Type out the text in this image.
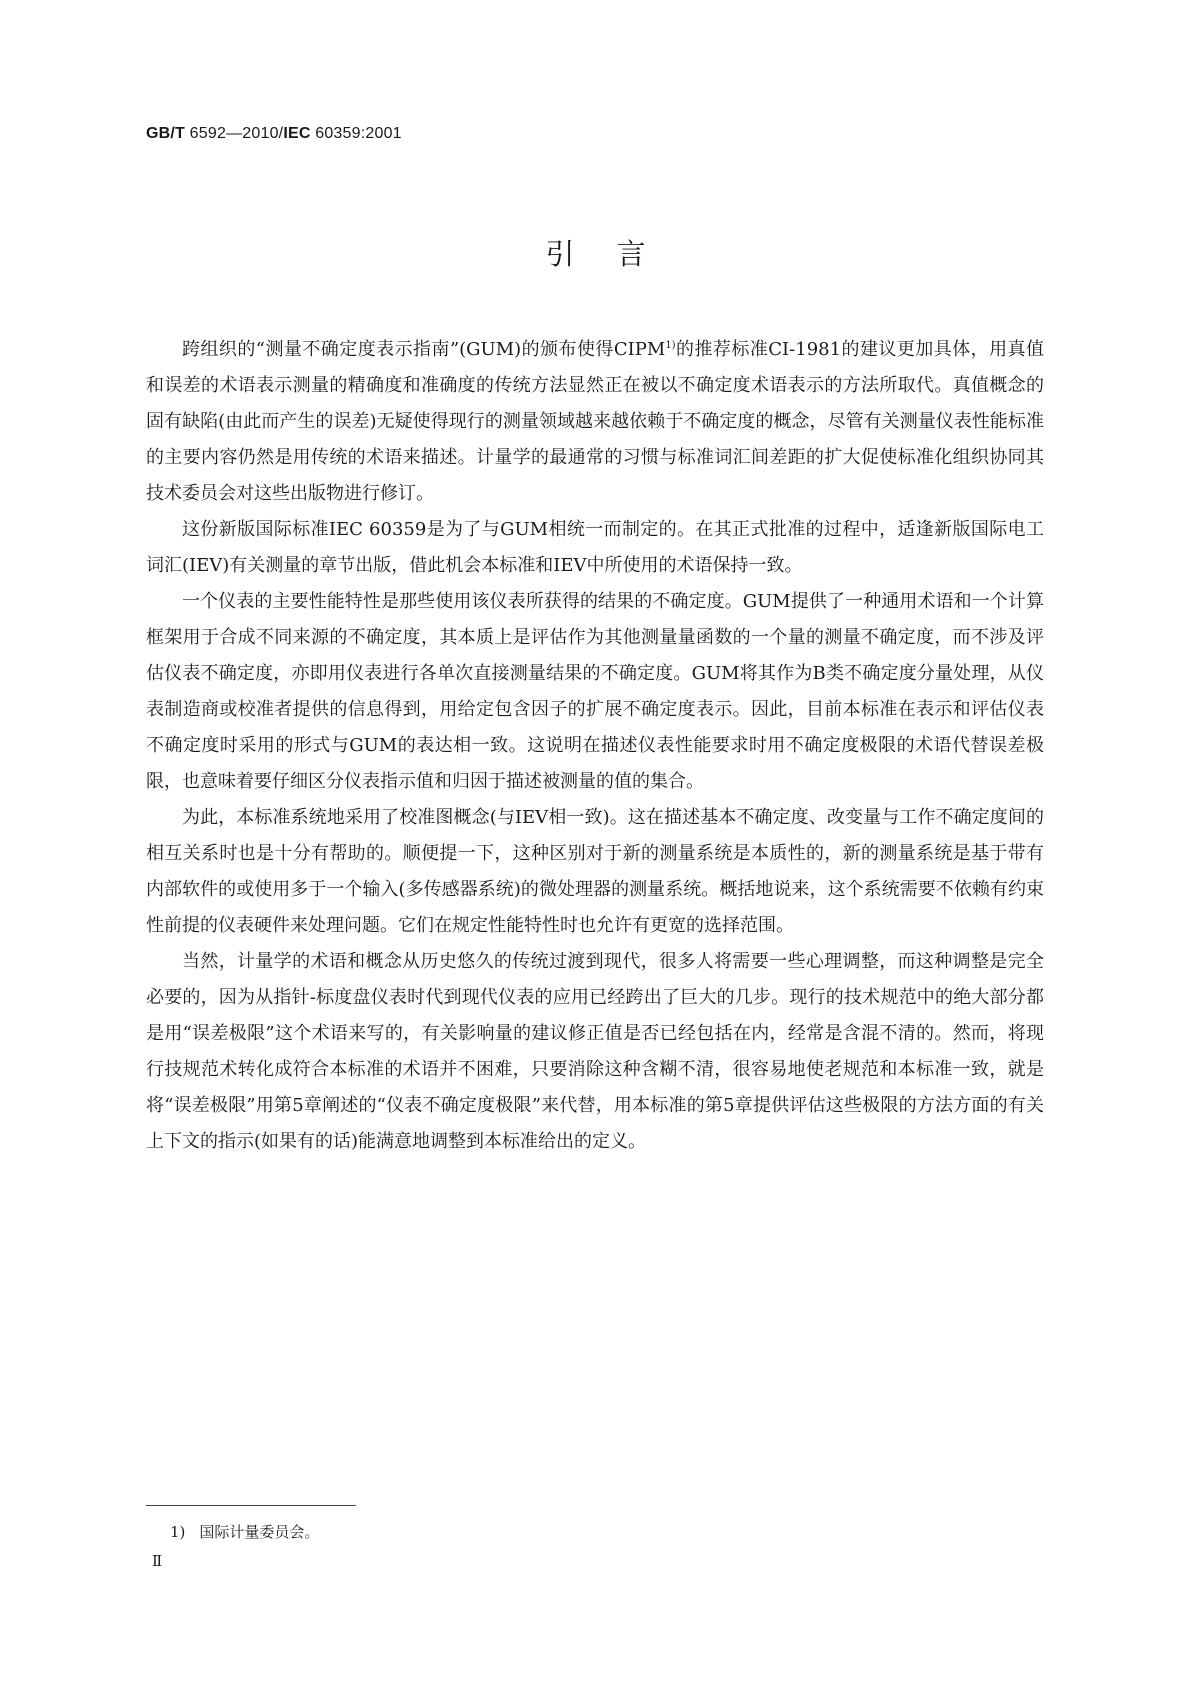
GB/T 6592—2010/IEC 60359:2001
引言

跨组织的“测量不确定度表示指南”(GUM)的颁布使得CIPM$^{1)}$的推荐标准CI-1981的建议更加具体，用真值和误差的术语表示测量的精确度和准确度的传统方法显然正在被以不确定度术语表示的方法所取代。真值概念的固有缺陷(由此而产生的误差)无疑使得现行的测量领域越来越依赖于不确定度的概念，尽管有关测量仪表性能标准的主要内容仍然是用传统的术语来描述。计量学的最通常的习惯与标准词汇间差距的扩大促使标准化组织协同其技术委员会对这些出版物进行修订。

这份新版国际标准IEC 60359是为了与GUM相统一而制定的。在其正式批准的过程中，适逢新版国际电工词汇(IEV)有关测量的章节出版，借此机会本标准和IEV中所使用的术语保持一致。

一个仪表的主要性能特性是那些使用该仪表所获得的结果的不确定度。GUM提供了一种通用术语和一个计算框架用于合成不同来源的不确定度，其本质上是评估作为其他测量量函数的一个量的测量不确定度，而不涉及评估仪表不确定度，亦即用仪表进行各单次直接测量结果的不确定度。GUM将其作为B类不确定度分量处理，从仪表制造商或校准者提供的信息得到，用给定包含因子的扩展不确定度表示。因此，目前本标准在表示和评估仪表不确定度时采用的形式与GUM的表达相一致。这说明在描述仪表性能要求时用不确定度极限的术语代替误差极限，也意味着要仔细区分仪表指示值和归因于描述被测量的值的集合。

为此，本标准系统地采用了校准图概念(与IEV相一致)。这在描述基本不确定度、改变量与工作不确定度间的相互关系时也是十分有帮助的。顺便提一下，这种区别对于新的测量系统是本质性的，新的测量系统是基于带有内部软件的或使用多于一个输入(多传感器系统)的微处理器的测量系统。概括地说来，这个系统需要不依赖有约束性前提的仪表硬件来处理问题。它们在规定性能特性时也允许有更宽的选择范围。

当然，计量学的术语和概念从历史悠久的传统过渡到现代，很多人将需要一些心理调整，而这种调整是完全必要的，因为从指针-标度盘仪表时代到现代仪表的应用已经跨出了巨大的几步。现行的技术规范中的绝大部分都是用“误差极限”这个术语来写的，有关影响量的建议修正值是否已经包括在内，经常是含混不清的。然而，将现行技规范术转化成符合本标准的术语并不困难，只要消除这种含糊不清，很容易地使老规范和本标准一致，就是将“误差极限”用第5章阐述的“仪表不确定度极限”来代替，用本标准的第5章提供评估这些极限的方法方面的有关上下文的指示(如果有的话)能满意地调整到本标准给出的定义。

1) 国际计量委员会。
Ⅱ
